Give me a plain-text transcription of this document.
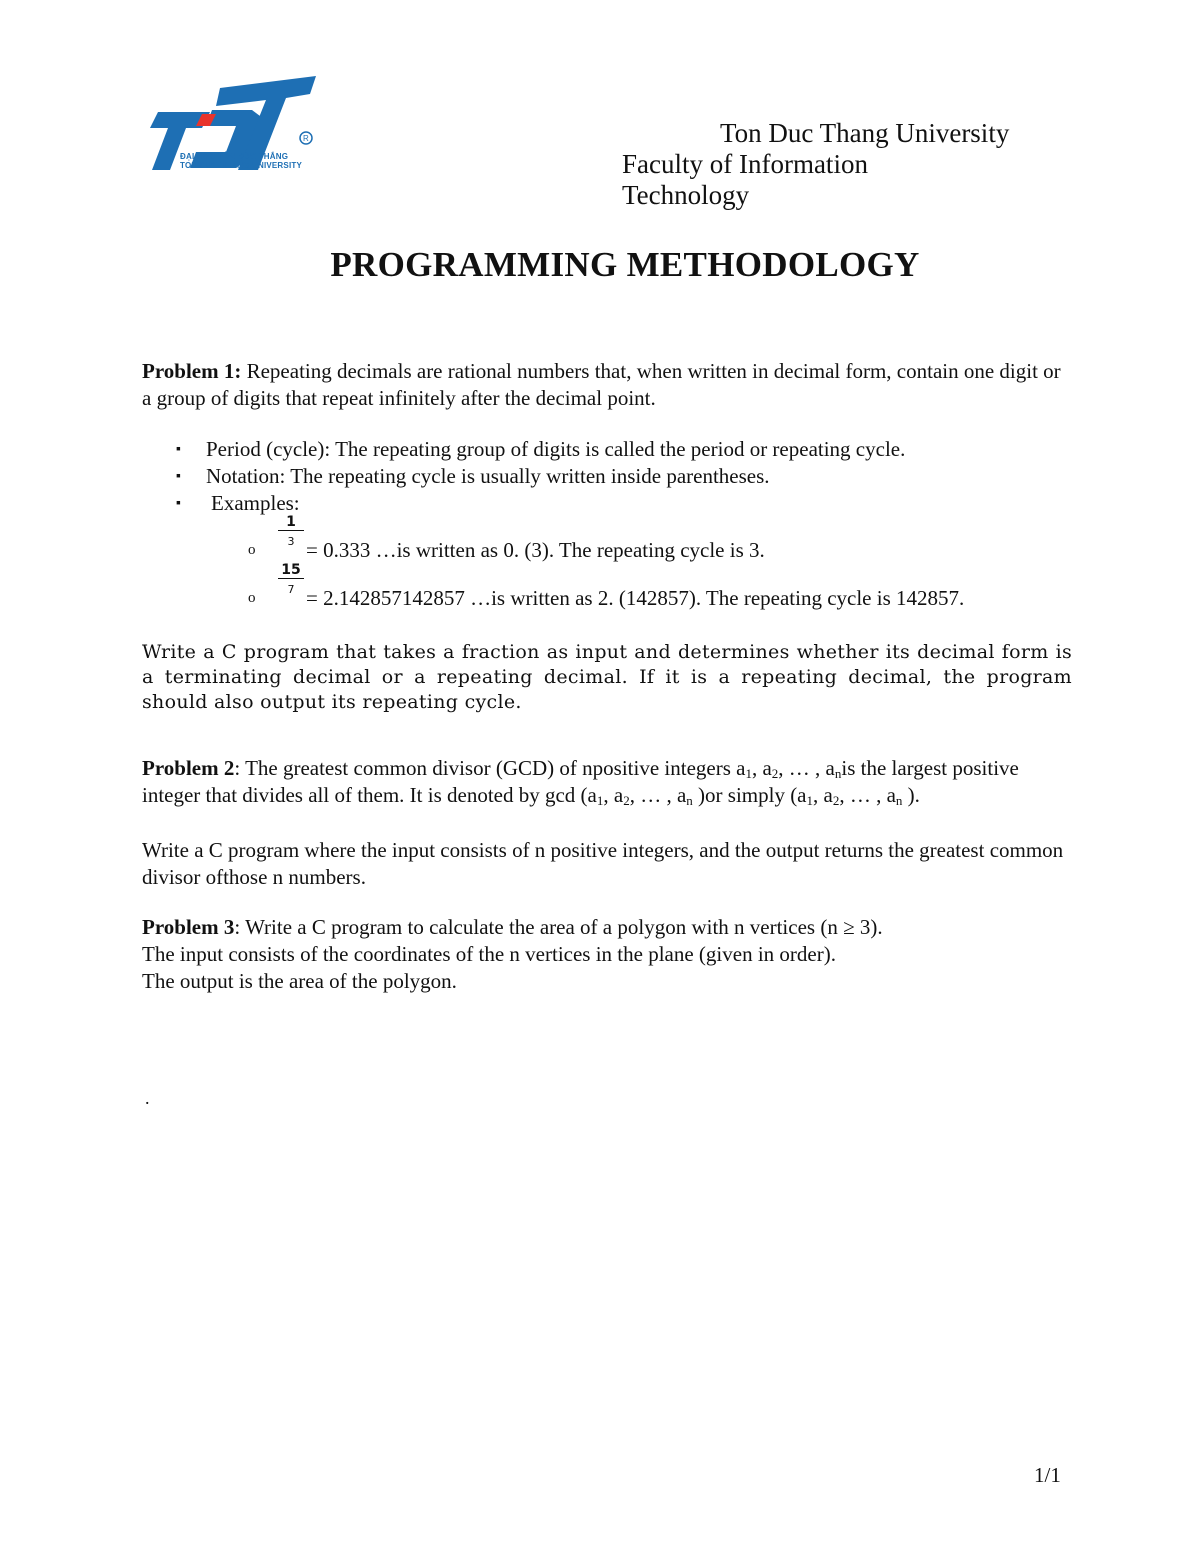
R
ĐẠI HỌC TÔN ĐỨC THẮNG
TON DUC THANG UNIVERSITY
Ton Duc Thang University
Faculty of Information
Technology
PROGRAMMING METHODOLOGY
Problem 1: Repeating decimals are rational numbers that, when written in decimal form, contain one digit or a group of digits that repeat infinitely after the decimal point.
▪ Period (cycle): The repeating group of digits is called the period or repeating cycle.
▪ Notation: The repeating cycle is usually written inside parentheses.
▪ Examples:
o
1
3 = 0.333 …is written as 0. (3). The repeating cycle is 3.
o
15
7 = 2.142857142857 …is written as 2. (142857). The repeating cycle is 142857.
Write a C program that takes a fraction as input and determines whether its decimal form is a terminating decimal or a repeating decimal. If it is a repeating decimal, the program should also output its repeating cycle.
Problem 2: The greatest common divisor (GCD) of npositive integers $a_1$, $a_2$, … , $a_nis$ the largest positive integer that divides all of them. It is denoted by $\gcd (a_1$, $a_2$, … , $a_n$ )or simply ($a_1$, $a_2$, … , $a_n$ ).
Write a C program where the input consists of n positive integers, and the output returns the greatest common divisor ofthose n numbers.
Problem 3: Write a C program to calculate the area of a polygon with n vertices (n ≥ 3).
The input consists of the coordinates of the n vertices in the plane (given in order).
The output is the area of the polygon.
.
1/1
